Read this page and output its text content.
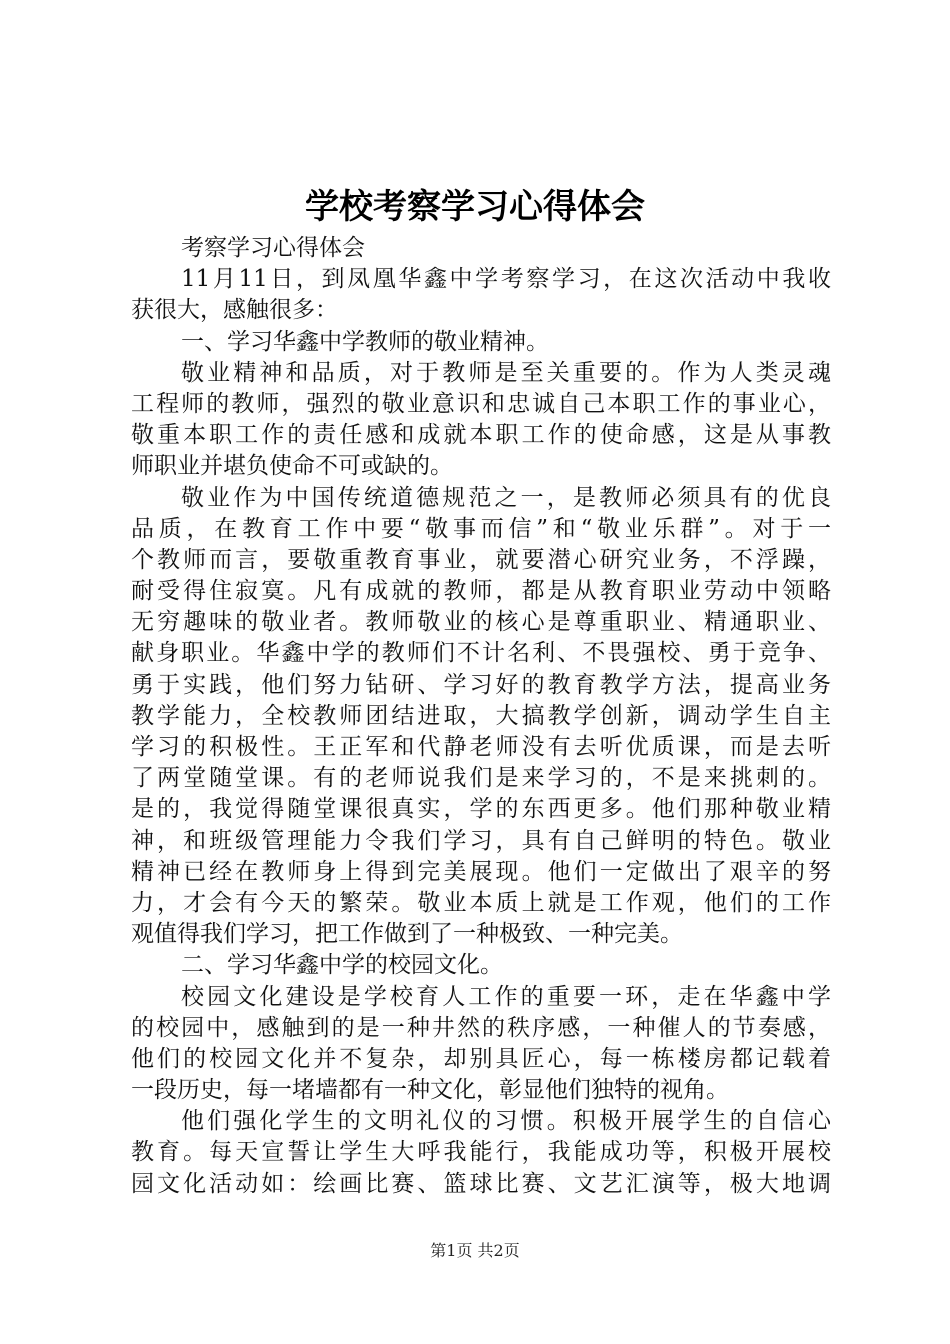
学校考察学习心得体会
考察学习心得体会
11月11日，到凤凰华鑫中学考察学习，在这次活动中我收
获很大，感触很多：
一、学习华鑫中学教师的敬业精神。
敬业精神和品质，对于教师是至关重要的。作为人类灵魂
工程师的教师，强烈的敬业意识和忠诚自己本职工作的事业心，
敬重本职工作的责任感和成就本职工作的使命感，这是从事教
师职业并堪负使命不可或缺的。
敬业作为中国传统道德规范之一，是教师必须具有的优良
品质，在教育工作中要“敬事而信”和“敬业乐群”。对于一
个教师而言，要敬重教育事业，就要潜心研究业务，不浮躁，
耐受得住寂寞。凡有成就的教师，都是从教育职业劳动中领略
无穷趣味的敬业者。教师敬业的核心是尊重职业、精通职业、
献身职业。华鑫中学的教师们不计名利、不畏强校、勇于竞争、
勇于实践，他们努力钻研、学习好的教育教学方法，提高业务
教学能力，全校教师团结进取，大搞教学创新，调动学生自主
学习的积极性。王正军和代静老师没有去听优质课，而是去听
了两堂随堂课。有的老师说我们是来学习的，不是来挑刺的。
是的，我觉得随堂课很真实，学的东西更多。他们那种敬业精
神，和班级管理能力令我们学习，具有自己鲜明的特色。敬业
精神已经在教师身上得到完美展现。他们一定做出了艰辛的努
力，才会有今天的繁荣。敬业本质上就是工作观，他们的工作
观值得我们学习，把工作做到了一种极致、一种完美。
二、学习华鑫中学的校园文化。
校园文化建设是学校育人工作的重要一环，走在华鑫中学
的校园中，感触到的是一种井然的秩序感，一种催人的节奏感，
他们的校园文化并不复杂，却别具匠心，每一栋楼房都记载着
一段历史，每一堵墙都有一种文化，彰显他们独特的视角。
他们强化学生的文明礼仪的习惯。积极开展学生的自信心
教育。每天宣誓让学生大呼我能行，我能成功等，积极开展校
园文化活动如：绘画比赛、篮球比赛、文艺汇演等，极大地调
第1页 共2页
